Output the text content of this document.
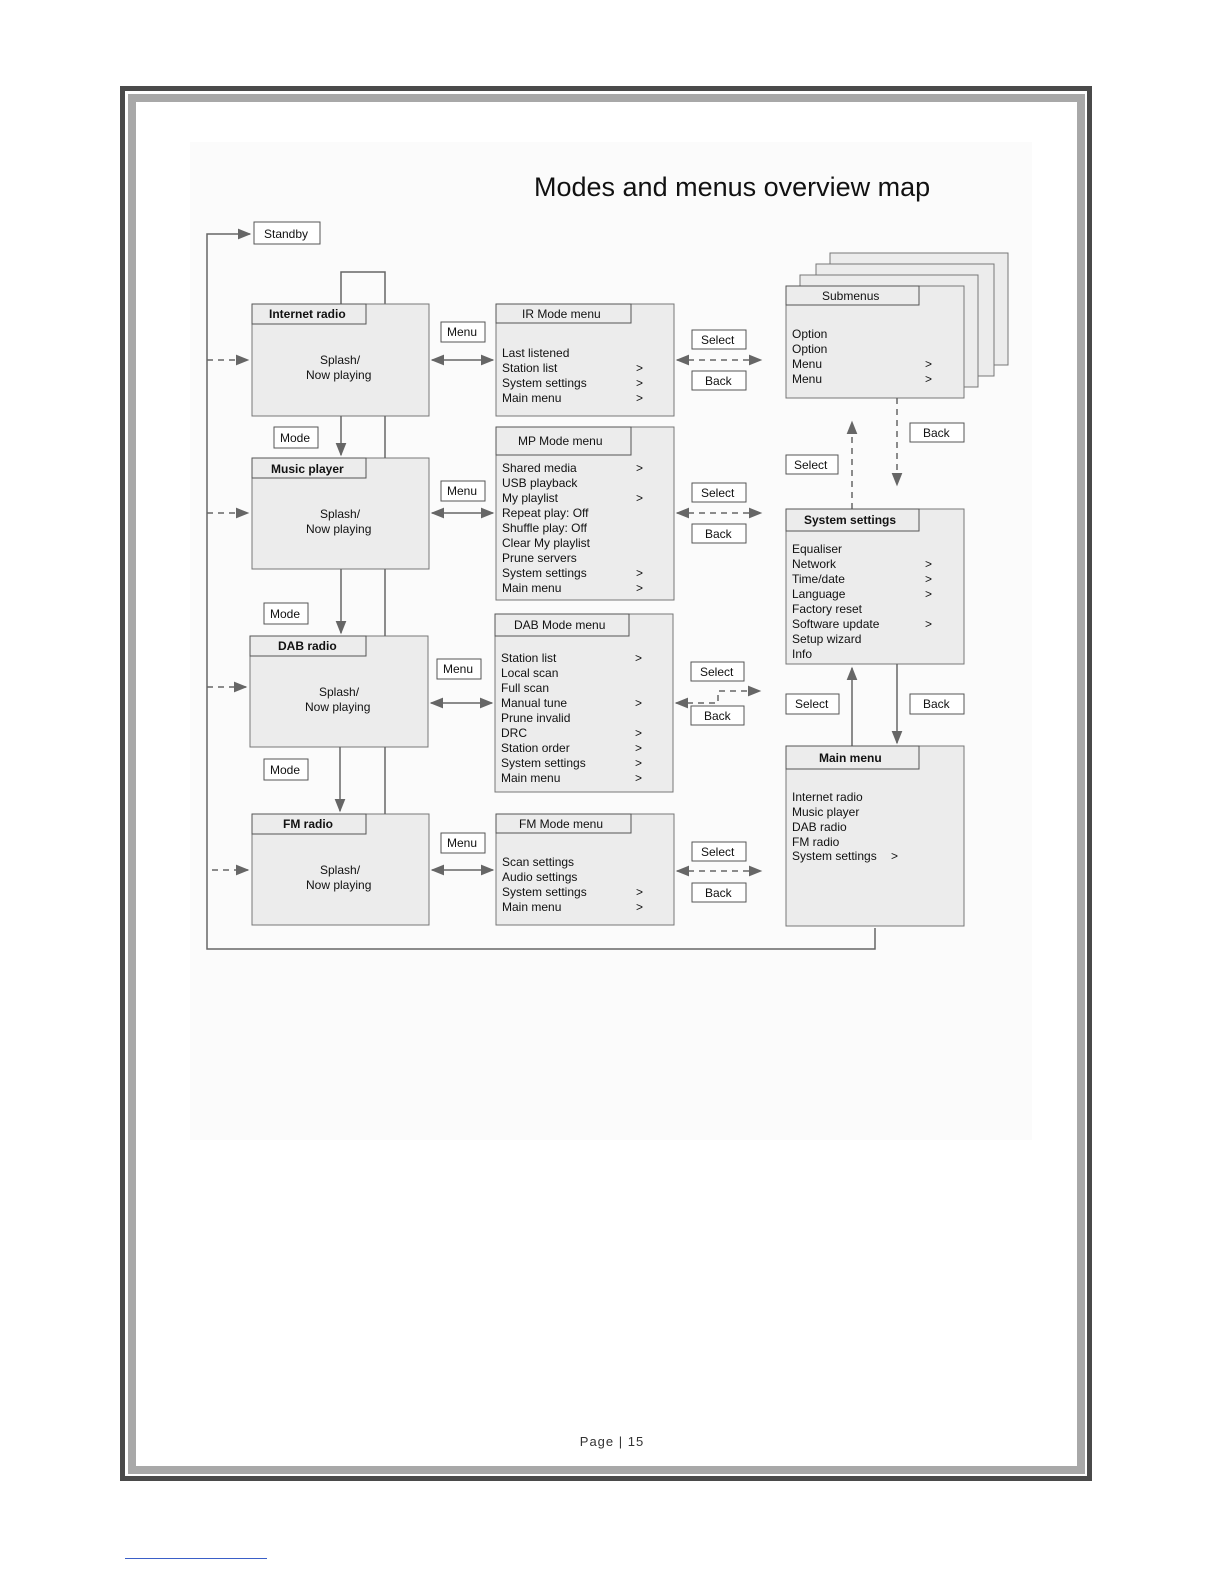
Modes and menus overview map
Standby
Internet radio
Splash/
Now playing
Music player
Splash/
Now playing
DAB radio
Splash/
Now playing
FM radio
Splash/
Now playing
Mode
Mode
Mode
Menu
Menu
Menu
Menu
IR Mode menu
Last listened
Station list	>
System settings	>
Main menu	>
MP Mode menu
Shared media	>
USB playback
My playlist	>
Repeat play: Off
Shuffle play: Off
Clear My playlist
Prune servers
System settings	>
Main menu	>
DAB Mode menu
Station list	>
Local scan
Full scan
Manual tune	>
Prune invalid
DRC	>
Station order	>
System settings	>
Main menu	>
FM Mode menu
Scan settings
Audio settings
System settings	>
Main menu	>
Select
Back
Select
Back
Select
Back
Select
Back
Submenus
Option
Option
Menu	>
Menu	>
Back
Select
System settings
Equaliser
Network	>
Time/date	>
Language	>
Factory reset
Software update	>
Setup wizard
Info
Select	Back
Main menu
Internet radio
Music player
DAB radio
FM radio
System settings >
Page | 15
